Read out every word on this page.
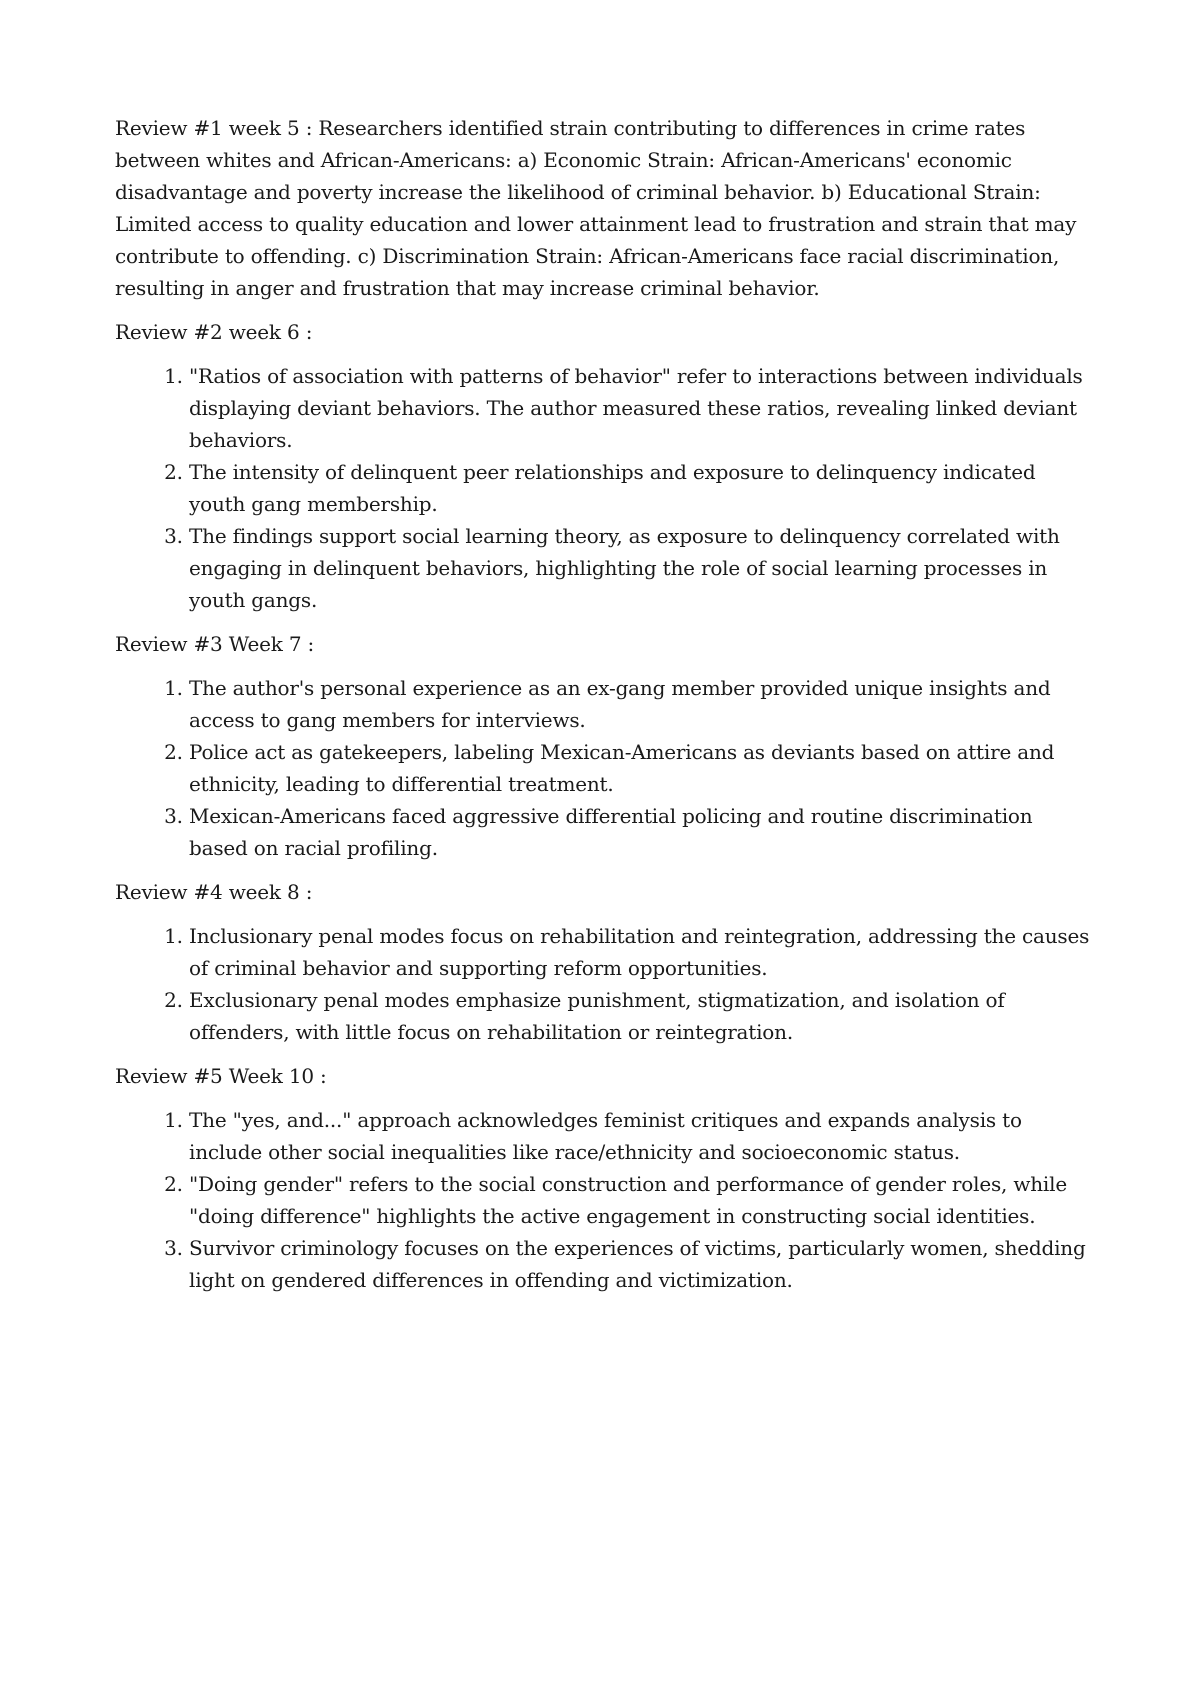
Review #1 week 5 : Researchers identified strain contributing to differences in crime rates between whites and African-Americans: a) Economic Strain: African-Americans' economic disadvantage and poverty increase the likelihood of criminal behavior. b) Educational Strain: Limited access to quality education and lower attainment lead to frustration and strain that may contribute to offending. c) Discrimination Strain: African-Americans face racial discrimination, resulting in anger and frustration that may increase criminal behavior.

Review #2 week 6 :

1. "Ratios of association with patterns of behavior" refer to interactions between individuals displaying deviant behaviors. The author measured these ratios, revealing linked deviant behaviors.
2. The intensity of delinquent peer relationships and exposure to delinquency indicated youth gang membership.
3. The findings support social learning theory, as exposure to delinquency correlated with engaging in delinquent behaviors, highlighting the role of social learning processes in youth gangs.

Review #3 Week 7 :

1. The author's personal experience as an ex-gang member provided unique insights and access to gang members for interviews.
2. Police act as gatekeepers, labeling Mexican-Americans as deviants based on attire and ethnicity, leading to differential treatment.
3. Mexican-Americans faced aggressive differential policing and routine discrimination based on racial profiling.

Review #4 week 8 :

1. Inclusionary penal modes focus on rehabilitation and reintegration, addressing the causes of criminal behavior and supporting reform opportunities.
2. Exclusionary penal modes emphasize punishment, stigmatization, and isolation of offenders, with little focus on rehabilitation or reintegration.

Review #5 Week 10 :

1. The "yes, and..." approach acknowledges feminist critiques and expands analysis to include other social inequalities like race/ethnicity and socioeconomic status.
2. "Doing gender" refers to the social construction and performance of gender roles, while "doing difference" highlights the active engagement in constructing social identities.
3. Survivor criminology focuses on the experiences of victims, particularly women, shedding light on gendered differences in offending and victimization.
